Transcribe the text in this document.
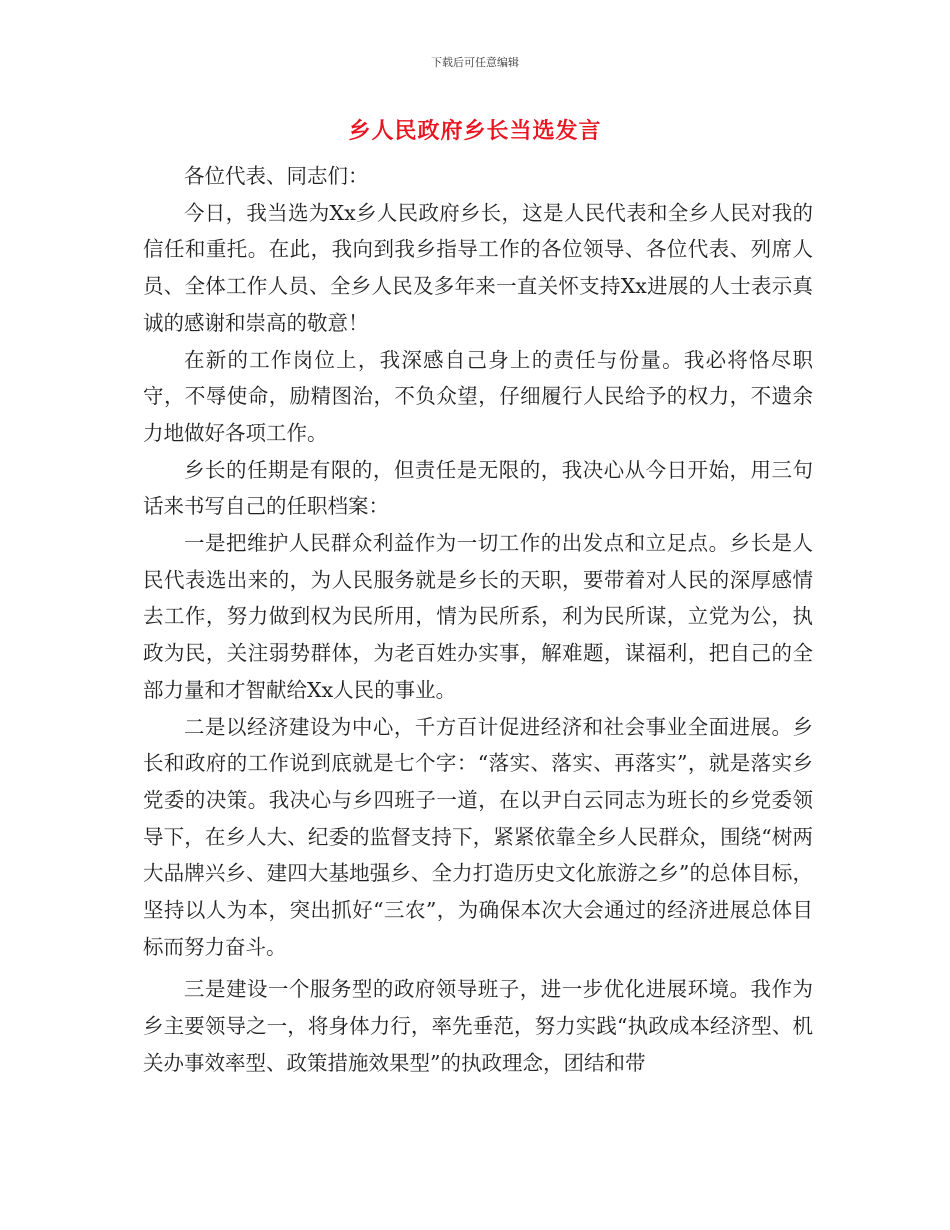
下载后可任意编辑
乡人民政府乡长当选发言

各位代表、同志们：

今日，我当选为Xx乡人民政府乡长，这是人民代表和全乡人民对我的信任和重托。在此，我向到我乡指导工作的各位领导、各位代表、列席人员、全体工作人员、全乡人民及多年来一直关怀支持Xx进展的人士表示真诚的感谢和崇高的敬意！

在新的工作岗位上，我深感自己身上的责任与份量。我必将恪尽职守，不辱使命，励精图治，不负众望，仔细履行人民给予的权力，不遗余力地做好各项工作。

乡长的任期是有限的，但责任是无限的，我决心从今日开始，用三句话来书写自己的任职档案：

一是把维护人民群众利益作为一切工作的出发点和立足点。乡长是人民代表选出来的，为人民服务就是乡长的天职，要带着对人民的深厚感情去工作，努力做到权为民所用，情为民所系，利为民所谋，立党为公，执政为民，关注弱势群体，为老百姓办实事，解难题，谋福利，把自己的全部力量和才智献给Xx人民的事业。

二是以经济建设为中心，千方百计促进经济和社会事业全面进展。乡长和政府的工作说到底就是七个字：“落实、落实、再落实”，就是落实乡党委的决策。我决心与乡四班子一道，在以尹白云同志为班长的乡党委领导下，在乡人大、纪委的监督支持下，紧紧依靠全乡人民群众，围绕“树两大品牌兴乡、建四大基地强乡、全力打造历史文化旅游之乡”的总体目标，坚持以人为本，突出抓好“三农”，为确保本次大会通过的经济进展总体目标而努力奋斗。

三是建设一个服务型的政府领导班子，进一步优化进展环境。我作为乡主要领导之一，将身体力行，率先垂范，努力实践“执政成本经济型、机关办事效率型、政策措施效果型”的执政理念，团结和带
